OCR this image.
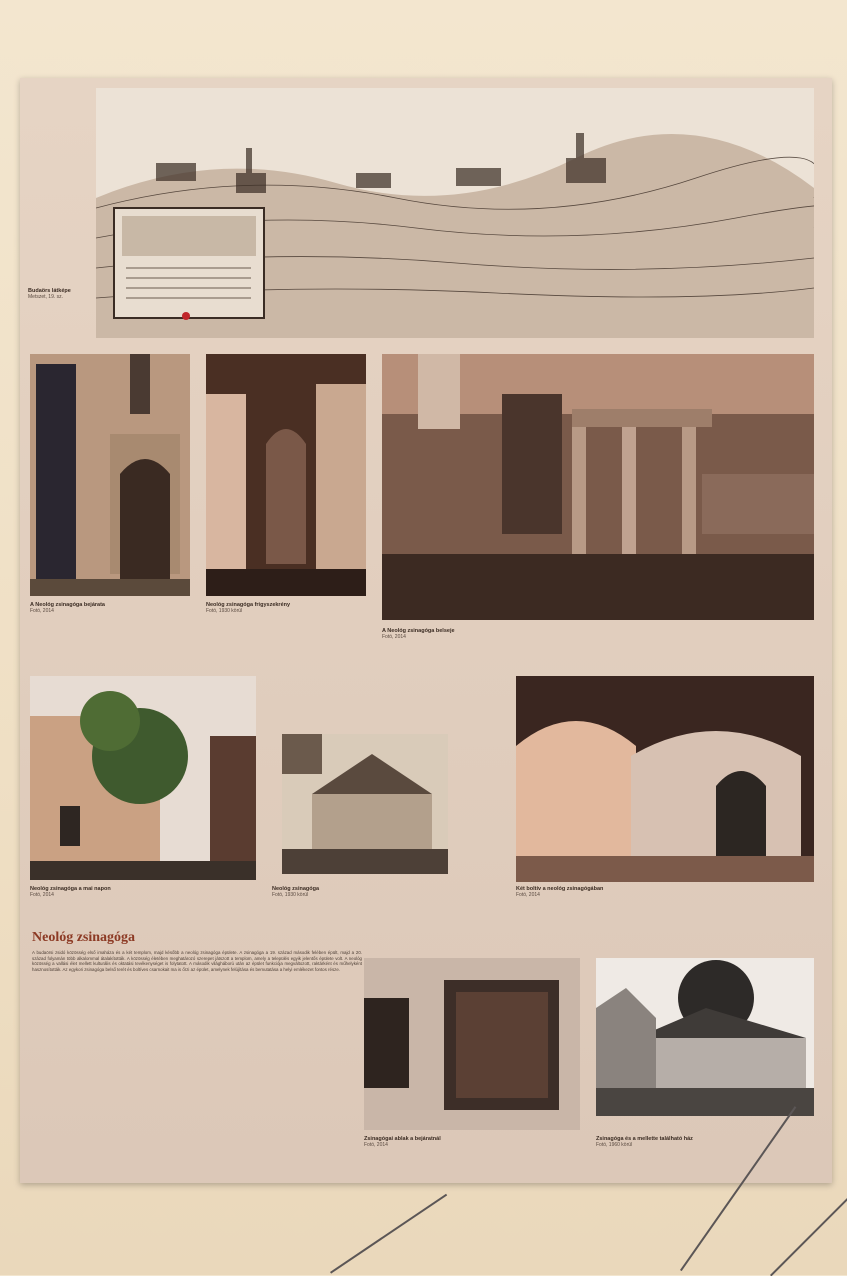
Budaörs látképe
Metszet, 19. sz.
A Neológ zsinagóga bejárata
Fotó, 2014
Neológ zsinagóga frigyszekrény
Fotó, 1930 körül
A Neológ zsinagóga belseje
Fotó, 2014
Neológ zsinagóga a mai napon
Fotó, 2014
Neológ zsinagóga
Fotó, 1930 körül
Két boltív a neológ zsinagógában
Fotó, 2014
Neológ zsinagóga
A budaörsi zsidó közösség első imaháza és a két templom, majd később a neológ zsinagóga épülete. A zsinagóga a 19. század második felében épült, majd a 20. század folyamán több alkalommal átalakították. A közösség életében meghatározó szerepet játszott a templom, amely a település egyik jelentős épülete volt. A neológ közösség a vallási élet mellett kulturális és oktatási tevékenységet is folytatott. A második világháború után az épület funkciója megváltozott, raktárként és műhelyként hasznosították. Az egykori zsinagóga belső terét és boltíves csarnokait ma is őrzi az épület, amelynek felújítása és bemutatása a helyi emlékezet fontos része.
Zsinagógai ablak a bejáratnál
Fotó, 2014
Zsinagóga és a mellette található ház
Fotó, 1960 körül
